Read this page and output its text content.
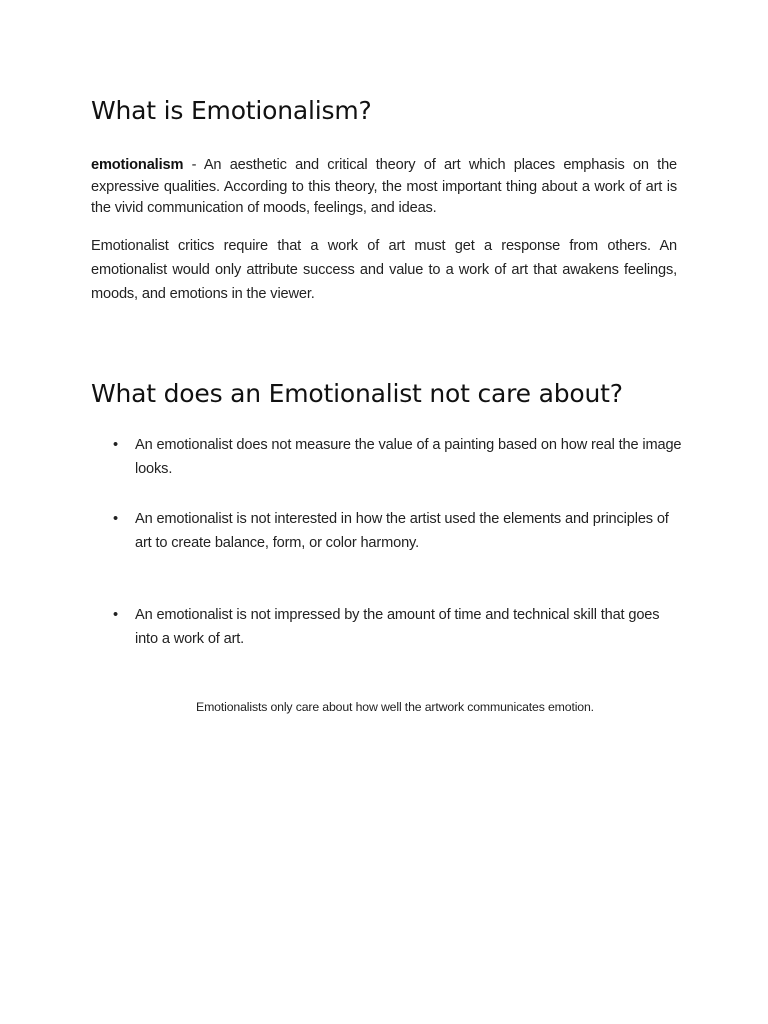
What is Emotionalism?

emotionalism - An aesthetic and critical theory of art which places emphasis on the expressive qualities. According to this theory, the most important thing about a work of art is the vivid communication of moods, feelings, and ideas.

Emotionalist critics require that a work of art must get a response from others. An emotionalist would only attribute success and value to a work of art that awakens feelings, moods, and emotions in the viewer.

What does an Emotionalist not care about?
•	An emotionalist does not measure the value of a painting based on how real the image looks.
•	An emotionalist is not interested in how the artist used the elements and principles of art to create balance, form, or color harmony.
•	An emotionalist is not impressed by the amount of time and technical skill that goes into a work of art.
Emotionalists only care about how well the artwork communicates emotion.
